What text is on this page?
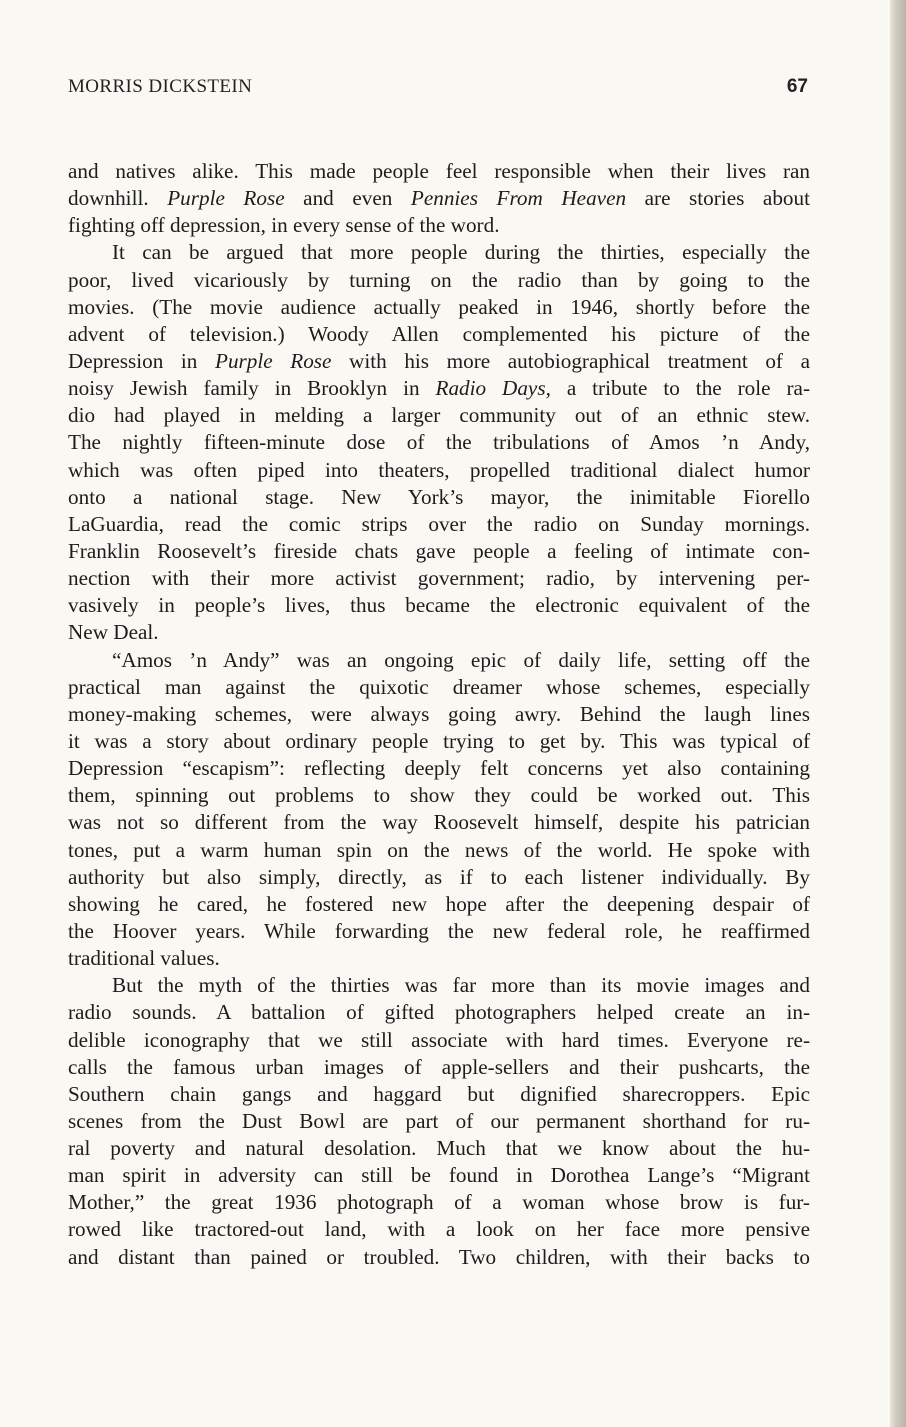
MORRIS DICKSTEIN	67
and natives alike. This made people feel responsible when their lives ran
downhill. Purple Rose and even Pennies From Heaven are stories about
fighting off depression, in every sense of the word.
It can be argued that more people during the thirties, especially the
poor, lived vicariously by turning on the radio than by going to the
movies. (The movie audience actually peaked in 1946, shortly before the
advent of television.) Woody Allen complemented his picture of the
Depression in Purple Rose with his more autobiographical treatment of a
noisy Jewish family in Brooklyn in Radio Days, a tribute to the role ra-
dio had played in melding a larger community out of an ethnic stew.
The nightly fifteen-minute dose of the tribulations of Amos ’n Andy,
which was often piped into theaters, propelled traditional dialect humor
onto a national stage. New York’s mayor, the inimitable Fiorello
LaGuardia, read the comic strips over the radio on Sunday mornings.
Franklin Roosevelt’s fireside chats gave people a feeling of intimate con-
nection with their more activist government; radio, by intervening per-
vasively in people’s lives, thus became the electronic equivalent of the
New Deal.
“Amos ’n Andy” was an ongoing epic of daily life, setting off the
practical man against the quixotic dreamer whose schemes, especially
money-making schemes, were always going awry. Behind the laugh lines
it was a story about ordinary people trying to get by. This was typical of
Depression “escapism”: reflecting deeply felt concerns yet also containing
them, spinning out problems to show they could be worked out. This
was not so different from the way Roosevelt himself, despite his patrician
tones, put a warm human spin on the news of the world. He spoke with
authority but also simply, directly, as if to each listener individually. By
showing he cared, he fostered new hope after the deepening despair of
the Hoover years. While forwarding the new federal role, he reaffirmed
traditional values.
But the myth of the thirties was far more than its movie images and
radio sounds. A battalion of gifted photographers helped create an in-
delible iconography that we still associate with hard times. Everyone re-
calls the famous urban images of apple-sellers and their pushcarts, the
Southern chain gangs and haggard but dignified sharecroppers. Epic
scenes from the Dust Bowl are part of our permanent shorthand for ru-
ral poverty and natural desolation. Much that we know about the hu-
man spirit in adversity can still be found in Dorothea Lange’s “Migrant
Mother,” the great 1936 photograph of a woman whose brow is fur-
rowed like tractored-out land, with a look on her face more pensive
and distant than pained or troubled. Two children, with their backs to
